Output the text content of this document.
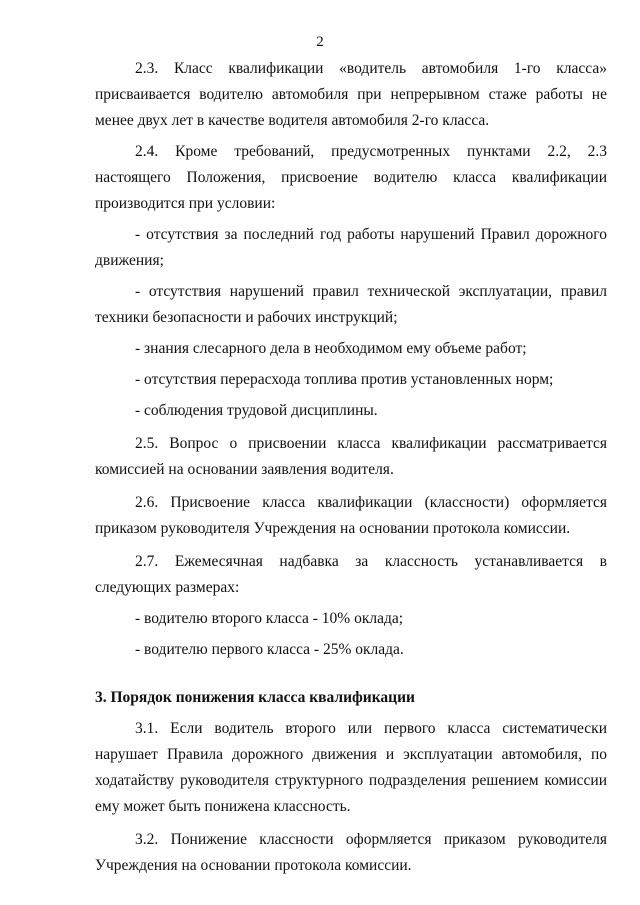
2

2.3. Класс квалификации «водитель автомобиля 1-го класса» присваивается водителю автомобиля при непрерывном стаже работы не менее двух лет в качестве водителя автомобиля 2-го класса.

2.4. Кроме требований, предусмотренных пунктами 2.2, 2.3 настоящего Положения, присвоение водителю класса квалификации производится при условии:

- отсутствия за последний год работы нарушений Правил дорожного движения;

- отсутствия нарушений правил технической эксплуатации, правил техники безопасности и рабочих инструкций;

- знания слесарного дела в необходимом ему объеме работ;

- отсутствия перерасхода топлива против установленных норм;

- соблюдения трудовой дисциплины.

2.5. Вопрос о присвоении класса квалификации рассматривается комиссией на основании заявления водителя.

2.6. Присвоение класса квалификации (классности) оформляется приказом руководителя Учреждения на основании протокола комиссии.

2.7. Ежемесячная надбавка за классность устанавливается в следующих размерах:

- водителю второго класса - 10% оклада;

- водителю первого класса - 25% оклада.

3. Порядок понижения класса квалификации

3.1. Если водитель второго или первого класса систематически нарушает Правила дорожного движения и эксплуатации автомобиля, по ходатайству руководителя структурного подразделения решением комиссии ему может быть понижена классность.

3.2. Понижение классности оформляется приказом руководителя Учреждения на основании протокола комиссии.
